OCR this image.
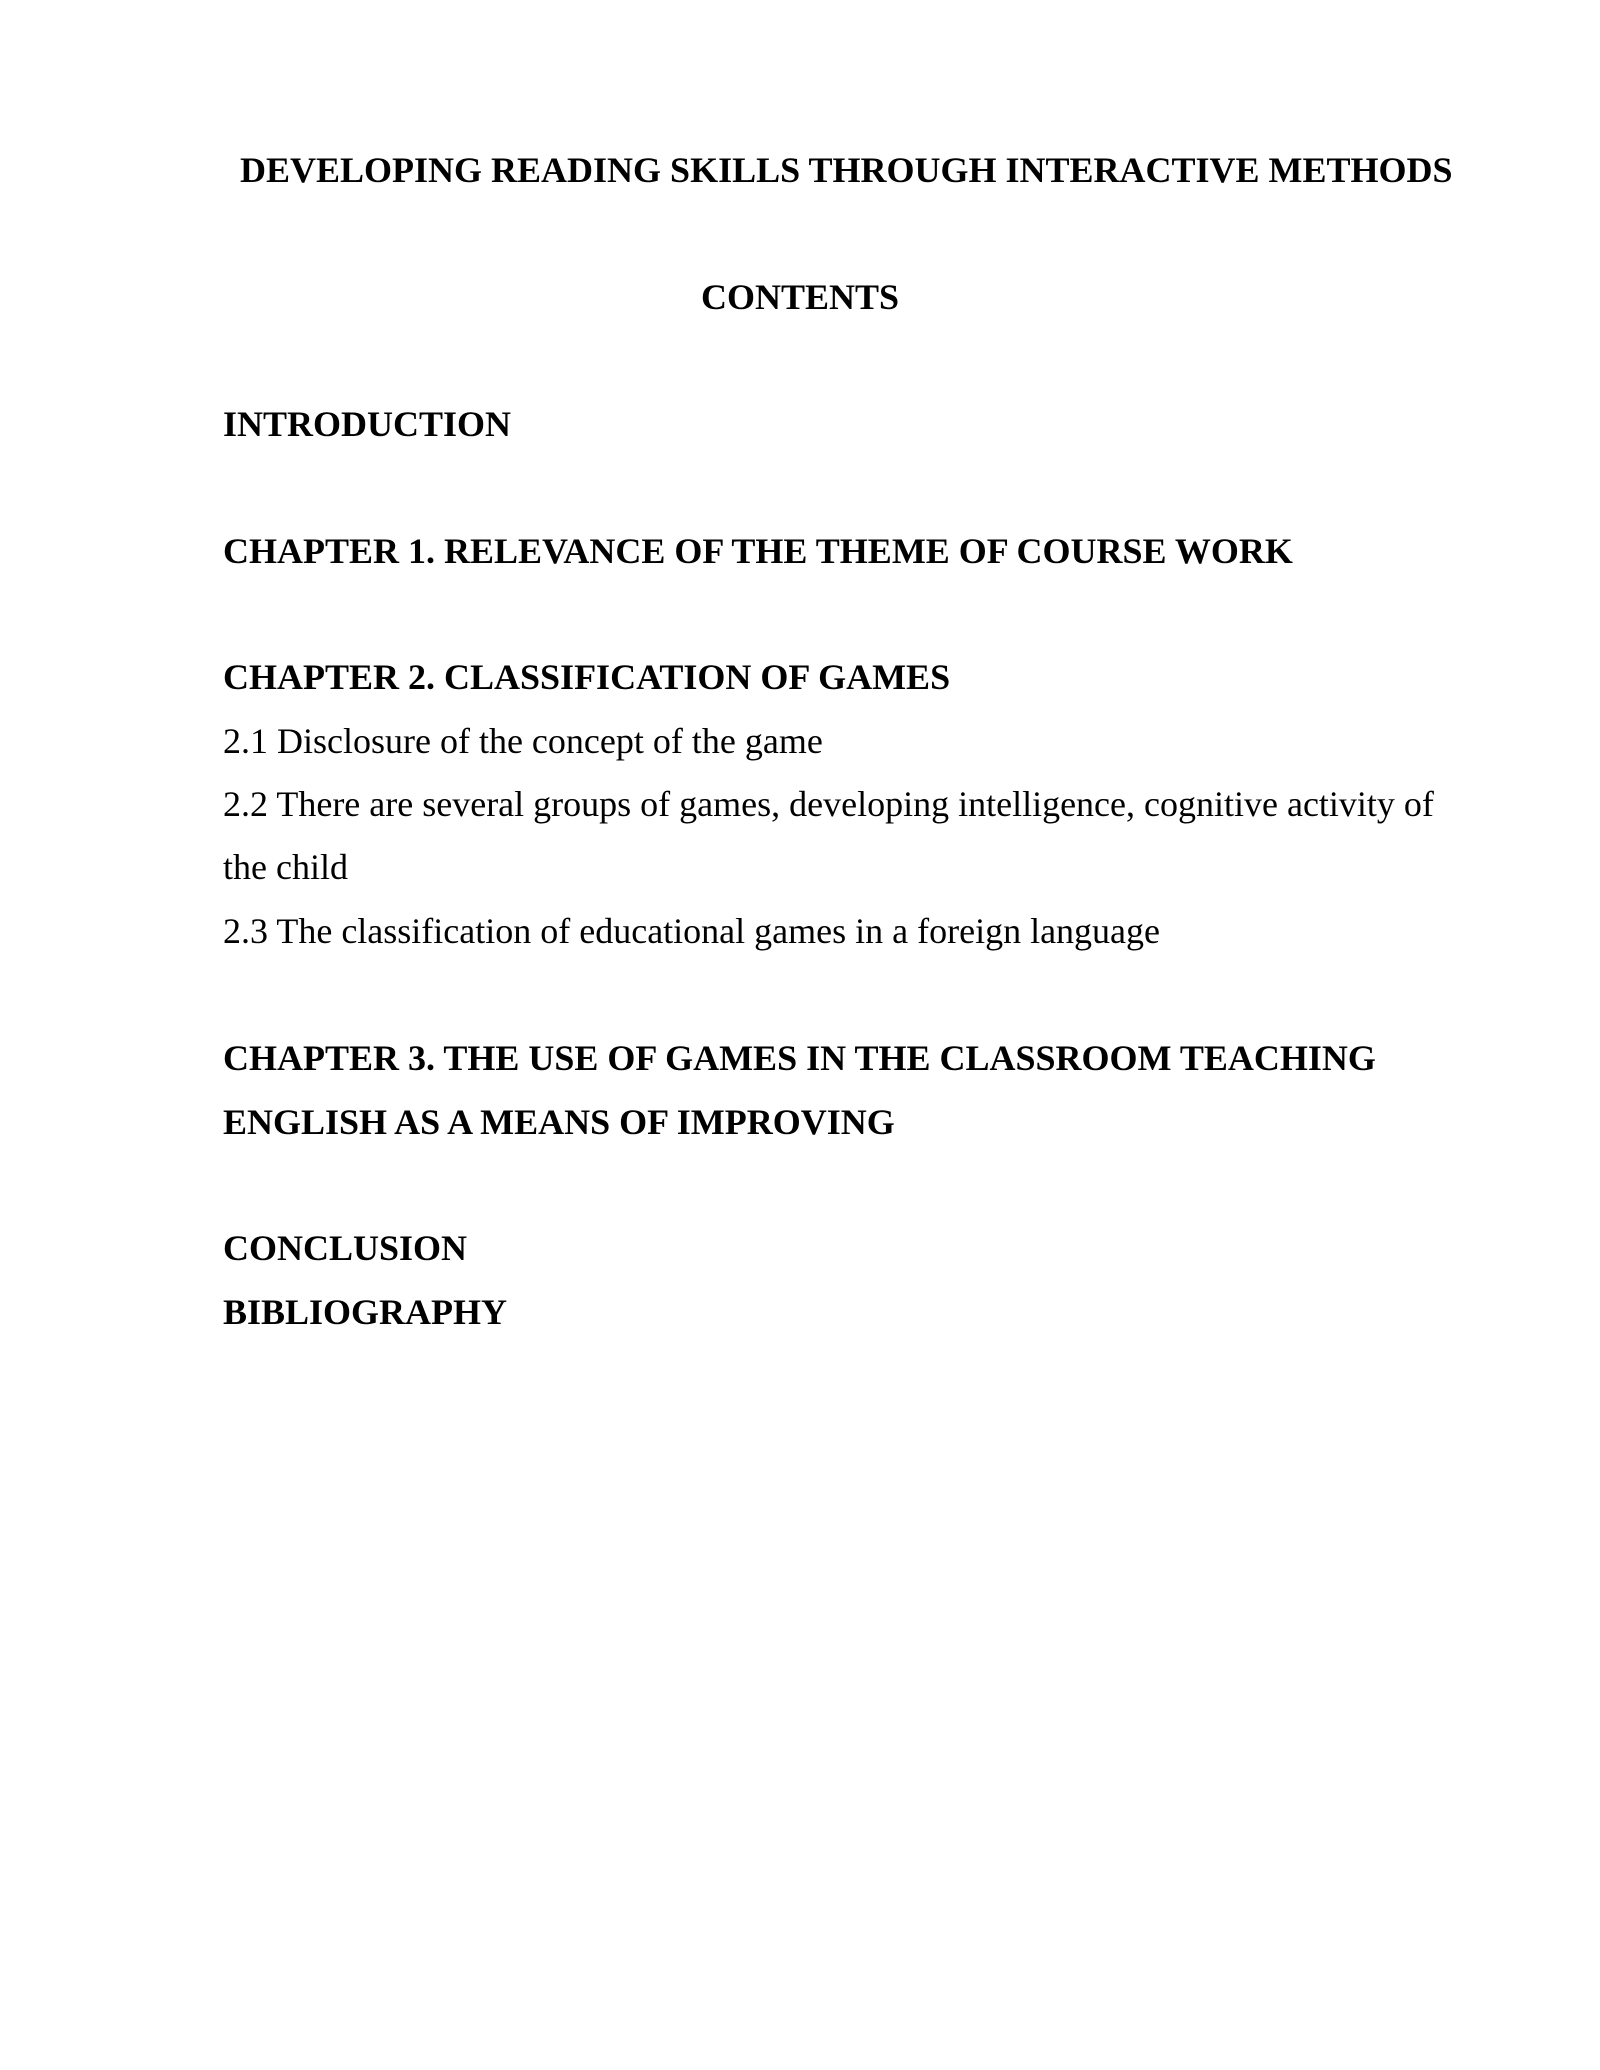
DEVELOPING READING SKILLS THROUGH INTERACTIVE METHODS

CONTENTS

INTRODUCTION

CHAPTER 1. RELEVANCE OF THE THEME OF COURSE WORK

CHAPTER 2. CLASSIFICATION OF GAMES

2.1 Disclosure of the concept of the game

2.2 There are several groups of games, developing intelligence, cognitive activity of

the child

2.3 The classification of educational games in a foreign language

CHAPTER 3. THE USE OF GAMES IN THE CLASSROOM TEACHING

ENGLISH AS A MEANS OF IMPROVING

CONCLUSION

BIBLIOGRAPHY
